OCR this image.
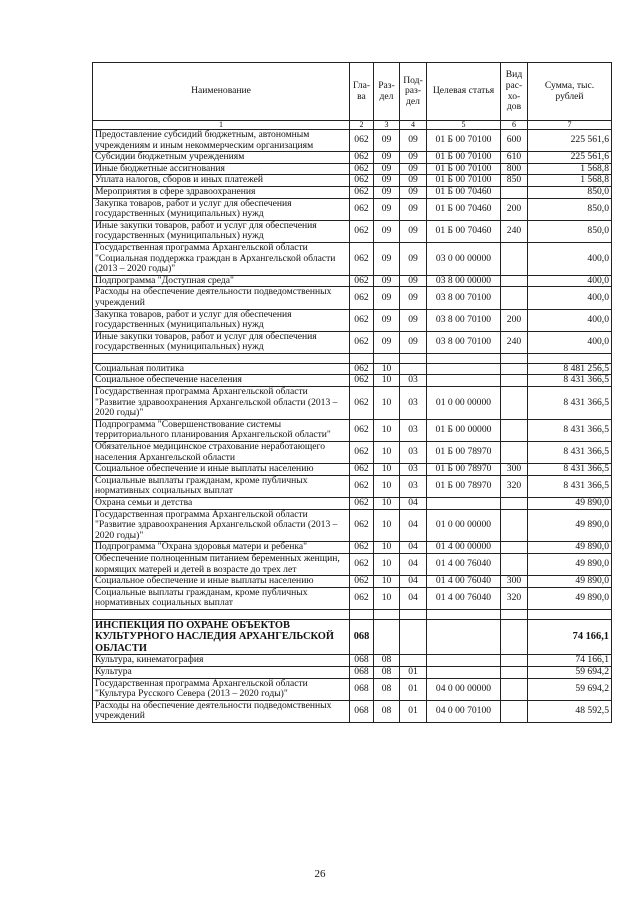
Наименование	Гла-ва	Раз-дел	Под-раз-дел	Целевая статья	Вид рас-хо-дов	Сумма, тыс. рублей
1	2	3	4	5	6	7
Предоставление субсидий бюджетным, автономным учреждениям и иным некоммерческим организациям	062	09	09	01 Б 00 70100	600	225 561,6
Субсидии бюджетным учреждениям	062	09	09	01 Б 00 70100	610	225 561,6
Иные бюджетные ассигнования	062	09	09	01 Б 00 70100	800	1 568,8
Уплата налогов, сборов и иных платежей	062	09	09	01 Б 00 70100	850	1 568,8
Мероприятия в сфере здравоохранения	062	09	09	01 Б 00 70460		850,0
Закупка товаров, работ и услуг для обеспечения государственных (муниципальных) нужд	062	09	09	01 Б 00 70460	200	850,0
Иные закупки товаров, работ и услуг для обеспечения государственных (муниципальных) нужд	062	09	09	01 Б 00 70460	240	850,0
Государственная программа Архангельской области "Социальная поддержка граждан в Архангельской области (2013 – 2020 годы)"	062	09	09	03 0 00 00000		400,0
Подпрограмма "Доступная среда"	062	09	09	03 8 00 00000		400,0
Расходы на обеспечение деятельности подведомственных учреждений	062	09	09	03 8 00 70100		400,0
Закупка товаров, работ и услуг для обеспечения государственных (муниципальных) нужд	062	09	09	03 8 00 70100	200	400,0
Иные закупки товаров, работ и услуг для обеспечения государственных (муниципальных) нужд	062	09	09	03 8 00 70100	240	400,0

Социальная политика	062	10				8 481 256,5
Социальное обеспечение населения	062	10	03			8 431 366,5
Государственная программа Архангельской области "Развитие здравоохранения Архангельской области (2013 – 2020 годы)"	062	10	03	01 0 00 00000		8 431 366,5
Подпрограмма "Совершенствование системы территориального планирования Архангельской области"	062	10	03	01 Б 00 00000		8 431 366,5
Обязательное медицинское страхование неработающего населения Архангельской области	062	10	03	01 Б 00 78970		8 431 366,5
Социальное обеспечение и иные выплаты населению	062	10	03	01 Б 00 78970	300	8 431 366,5
Социальные выплаты гражданам, кроме публичных нормативных социальных выплат	062	10	03	01 Б 00 78970	320	8 431 366,5
Охрана семьи и детства	062	10	04			49 890,0
Государственная программа Архангельской области "Развитие здравоохранения Архангельской области (2013 – 2020 годы)"	062	10	04	01 0 00 00000		49 890,0
Подпрограмма "Охрана здоровья матери и ребенка"	062	10	04	01 4 00 00000		49 890,0
Обеспечение полноценным питанием беременных женщин, кормящих матерей и детей в возрасте до трех лет	062	10	04	01 4 00 76040		49 890,0
Социальное обеспечение и иные выплаты населению	062	10	04	01 4 00 76040	300	49 890,0
Социальные выплаты гражданам, кроме публичных нормативных социальных выплат	062	10	04	01 4 00 76040	320	49 890,0

ИНСПЕКЦИЯ ПО ОХРАНЕ ОБЪЕКТОВ КУЛЬТУРНОГО НАСЛЕДИЯ АРХАНГЕЛЬСКОЙ ОБЛАСТИ	068					74 166,1
Культура, кинематография	068	08				74 166,1
Культура	068	08	01			59 694,2
Государственная программа Архангельской области "Культура Русского Севера (2013 – 2020 годы)"	068	08	01	04 0 00 00000		59 694,2
Расходы на обеспечение деятельности подведомственных учреждений	068	08	01	04 0 00 70100		48 592,5
26
